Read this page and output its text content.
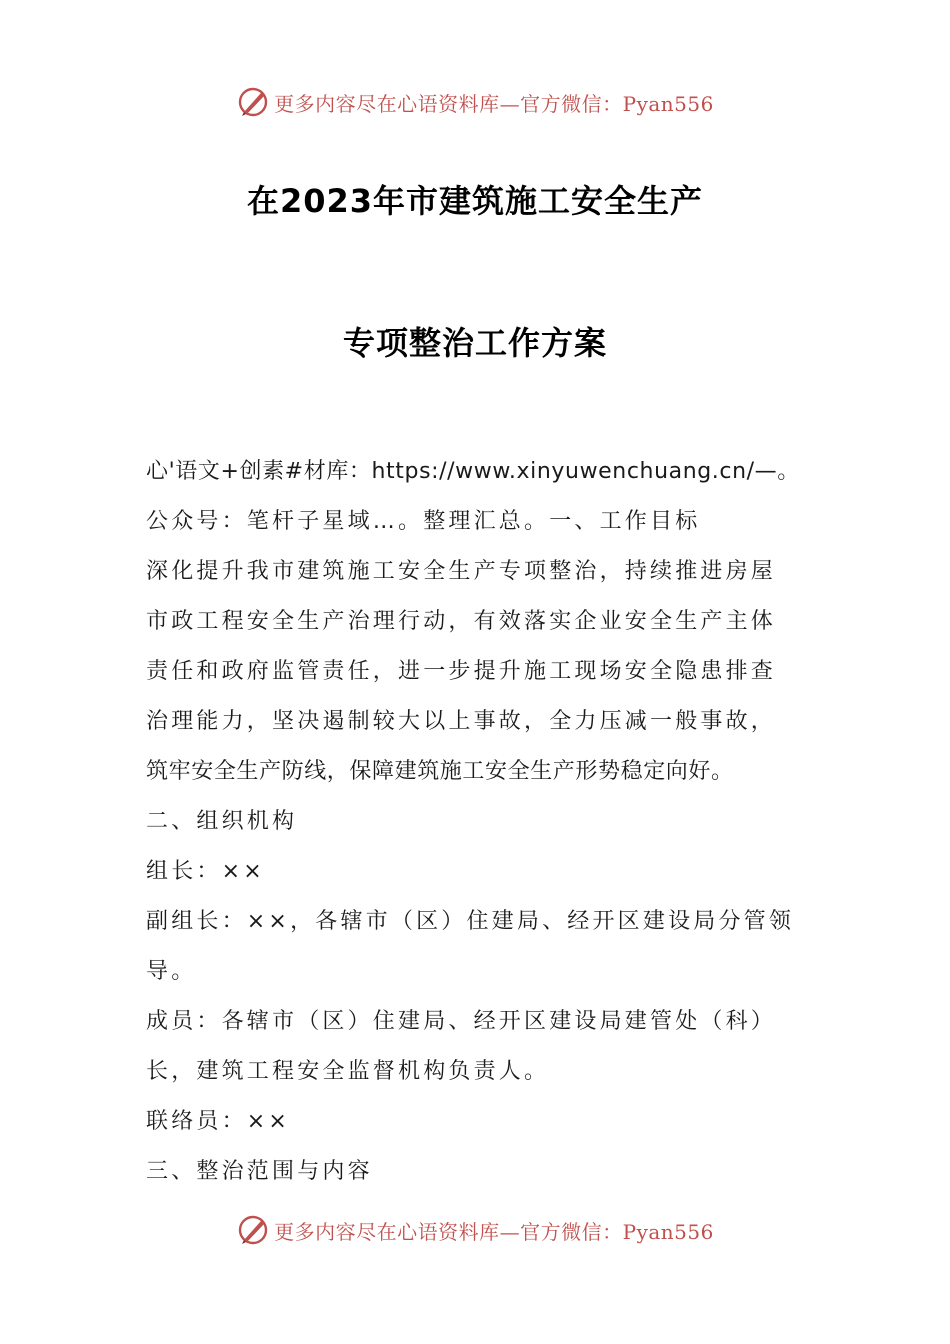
更多内容尽在心语资料库—官方微信：Pyan556
在2023年市建筑施工安全生产
专项整治工作方案
心'语文+创素#材库：https://www.xinyuwenchuang.cn/—。
公众号：笔杆子星域…。整理汇总。一、工作目标
深化提升我市建筑施工安全生产专项整治，持续推进房屋
市政工程安全生产治理行动，有效落实企业安全生产主体
责任和政府监管责任，进一步提升施工现场安全隐患排查
治理能力，坚决遏制较大以上事故，全力压减一般事故，
筑牢安全生产防线，保障建筑施工安全生产形势稳定向好。
二、组织机构
组长：××
副组长：××，各辖市（区）住建局、经开区建设局分管领
导。
成员：各辖市（区）住建局、经开区建设局建管处（科）
长，建筑工程安全监督机构负责人。
联络员：××
三、整治范围与内容
更多内容尽在心语资料库—官方微信：Pyan556
